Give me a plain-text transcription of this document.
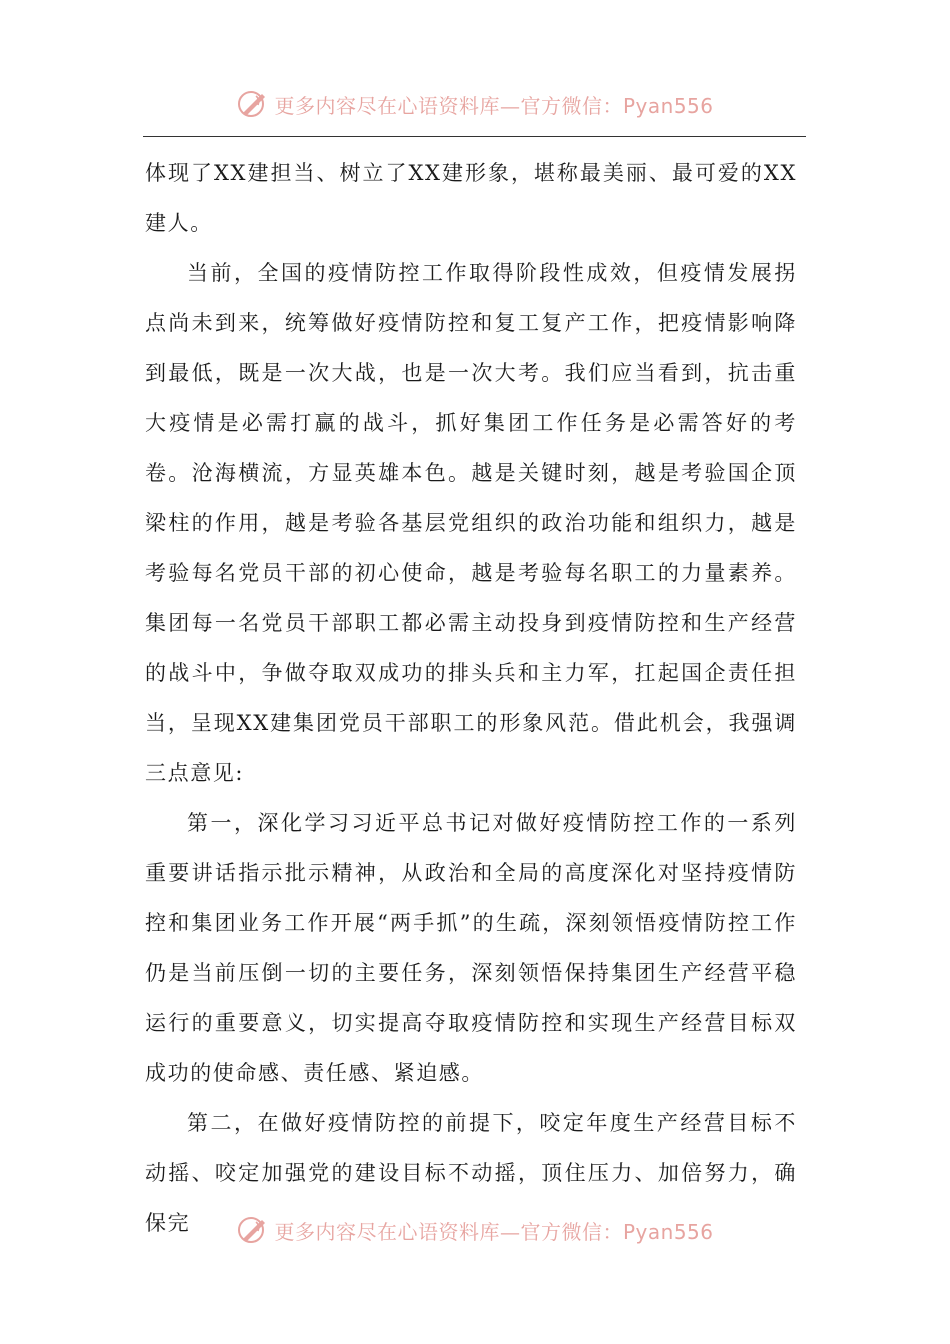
更多内容尽在心语资料库—官方微信：Pyan556

体现了XX建担当、树立了XX建形象，堪称最美丽、最可爱的XX建人。

当前，全国的疫情防控工作取得阶段性成效，但疫情发展拐点尚未到来，统筹做好疫情防控和复工复产工作，把疫情影响降到最低，既是一次大战，也是一次大考。我们应当看到，抗击重大疫情是必需打赢的战斗，抓好集团工作任务是必需答好的考卷。沧海横流，方显英雄本色。越是关键时刻，越是考验国企顶梁柱的作用，越是考验各基层党组织的政治功能和组织力，越是考验每名党员干部的初心使命，越是考验每名职工的力量素养。集团每一名党员干部职工都必需主动投身到疫情防控和生产经营的战斗中，争做夺取双成功的排头兵和主力军，扛起国企责任担当，呈现XX建集团党员干部职工的形象风范。借此机会，我强调三点意见:

第一，深化学习习近平总书记对做好疫情防控工作的一系列重要讲话指示批示精神，从政治和全局的高度深化对坚持疫情防控和集团业务工作开展“两手抓”的生疏，深刻领悟疫情防控工作仍是当前压倒一切的主要任务，深刻领悟保持集团生产经营平稳运行的重要意义，切实提高夺取疫情防控和实现生产经营目标双成功的使命感、责任感、紧迫感。

第二，在做好疫情防控的前提下，咬定年度生产经营目标不动摇、咬定加强党的建设目标不动摇，顶住压力、加倍努力，确保完	更多内容尽在心语资料库—官方微信：Pyan556
